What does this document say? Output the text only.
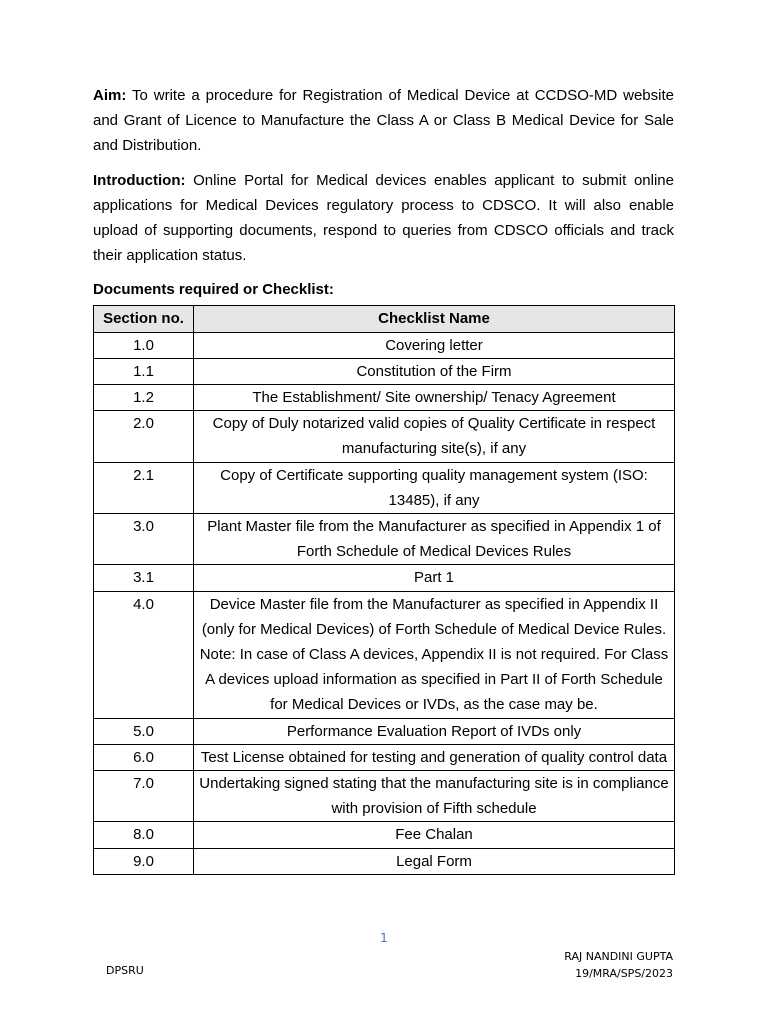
Aim: To write a procedure for Registration of Medical Device at CCDSO-MD website and Grant of Licence to Manufacture the Class A or Class B Medical Device for Sale and Distribution.

Introduction: Online Portal for Medical devices enables applicant to submit online applications for Medical Devices regulatory process to CDSCO. It will also enable upload of supporting documents, respond to queries from CDSCO officials and track their application status.

Documents required or Checklist:

Section no.	Checklist Name
1.0	Covering letter
1.1	Constitution of the Firm
1.2	The Establishment/ Site ownership/ Tenacy Agreement
2.0	Copy of Duly notarized valid copies of Quality Certificate in respect manufacturing site(s), if any
2.1	Copy of Certificate supporting quality management system (ISO: 13485), if any
3.0	Plant Master file from the Manufacturer as specified in Appendix 1 of Forth Schedule of Medical Devices Rules
3.1	Part 1
4.0	Device Master file from the Manufacturer as specified in Appendix II (only for Medical Devices) of Forth Schedule of Medical Device Rules. Note: In case of Class A devices, Appendix II is not required. For Class A devices upload information as specified in Part II of Forth Schedule for Medical Devices or IVDs, as the case may be.
5.0	Performance Evaluation Report of IVDs only
6.0	Test License obtained for testing and generation of quality control data
7.0	Undertaking signed stating that the manufacturing site is in compliance with provision of Fifth schedule
8.0	Fee Chalan
9.0	Legal Form
1
DPSRU
RAJ NANDINI GUPTA
19/MRA/SPS/2023
